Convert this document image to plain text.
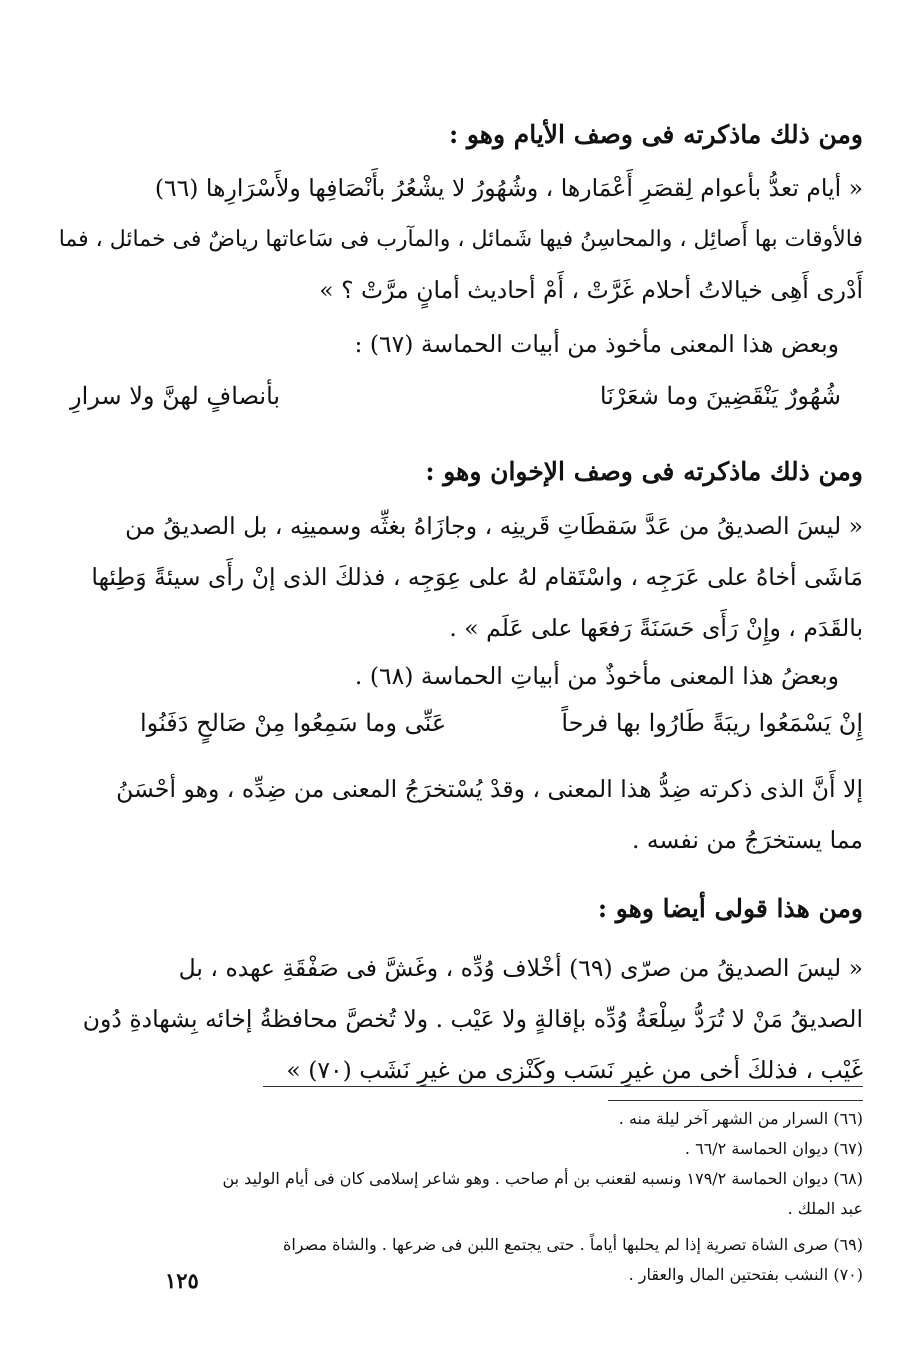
ومن ذلك ماذكرته فى وصف الأيام وهو :
« أيام تعدُّ بأعوام لِقصَرِ أَعْمَارها ، وشُهُورُ لا يشْعُرُ بأَنْصَافِها ولأَسْرَارِها (٦٦)
فالأوقات بها أَصائِل ، والمحاسِنُ فيها شَمائل ، والمآرب فى سَاعاتها رياضٌ فى خمائل ، فما
أَدْرى أَهِى خيالاتُ أحلام غَرَّتْ ، أَمْ أحاديث أمانٍ مرَّتْ ؟ »
وبعض هذا المعنى مأخوذ من أبيات الحماسة (٦٧) :
شُهُورٌ يَنْقَضِينَ وما شعَرْنَا
بأنصافٍ لهنَّ ولا سرارِ
ومن ذلك ماذكرته فى وصف الإخوان وهو :
« ليسَ الصديقُ من عَدَّ سَقطَاتِ قَرينِه ، وجازَاهُ بغثِّه وسمينِه ، بل الصديقُ من
مَاشَى أخاهُ على عَرَجِه ، واسْتَقام لهُ على عِوَجِه ، فذلكَ الذى إنْ رأَى سيئةً وَطِئها
بالقَدَم ، وإِنْ رَأَى حَسَنَةً رَفعَها على عَلَم » .
وبعضُ هذا المعنى مأخوذٌ من أبياتِ الحماسة (٦٨) .
إِنْ يَسْمَعُوا ريبَةً طَارُوا بها فرحاً
عَنِّى وما سَمِعُوا مِنْ صَالحٍ دَفَنُوا
إلا أَنَّ الذى ذكرته ضِدُّ هذا المعنى ، وقدْ يُسْتخرَجُ المعنى من ضِدِّه ، وهو أحْسَنُ
مما يستخرَجُ من نفسه .
ومن هذا قولى أيضا وهو :
« ليسَ الصديقُ من صرّى (٦٩) أخْلاف وُدِّه ، وغَشَّ فى صَفْقَةِ عهده ، بل
الصديقُ مَنْ لا تُرَدُّ سِلْعَةُ وُدِّه بإقالةٍ ولا عَيْب . ولا تُخصَّ محافظةُ إخائه بِشهادةِ دُون
غَيْب ، فذلكَ أخى من غيرِ نَسَب وكَنْزى من غيرِ نَشَب (٧٠) »
(٦٦) السرار من الشهر آخر ليلة منه .
(٦٧) ديوان الحماسة ٦٦/٢ .
(٦٨) ديوان الحماسة ١٧٩/٢ ونسبه لقعنب بن أم صاحب . وهو شاعر إسلامى كان فى أيام الوليد بن
عبد الملك .
(٦٩) صرى الشاة تصرية إذا لم يحلبها أياماً . حتى يجتمع اللبن فى ضرعها . والشاة مصراة
(٧٠) النشب بفتحتين المال والعقار .
١٢٥
